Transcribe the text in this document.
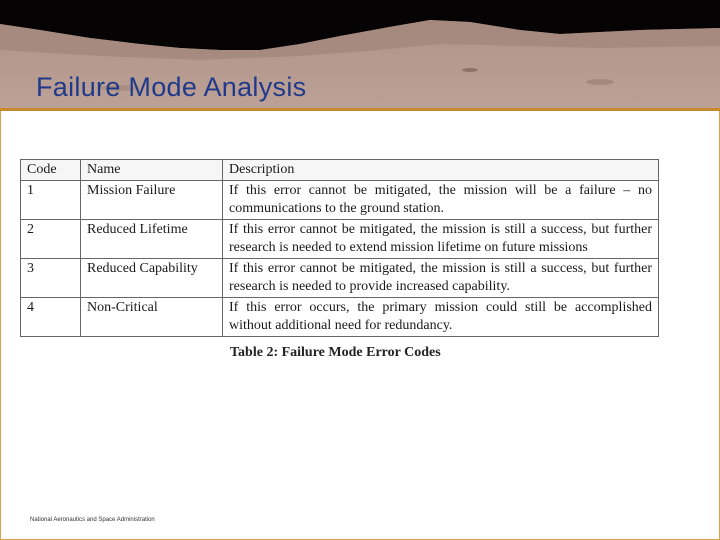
Failure Mode Analysis
Code	Name	Description
1	Mission Failure	If this error cannot be mitigated, the mission will be a failure – no communications to the ground station.
2	Reduced Lifetime	If this error cannot be mitigated, the mission is still a success, but further research is needed to extend mission lifetime on future missions
3	Reduced Capability	If this error cannot be mitigated, the mission is still a success, but further research is needed to provide increased capability.
4	Non-Critical	If this error occurs, the primary mission could still be accomplished without additional need for redundancy.
Table 2: Failure Mode Error Codes
National Aeronautics and Space Administration
